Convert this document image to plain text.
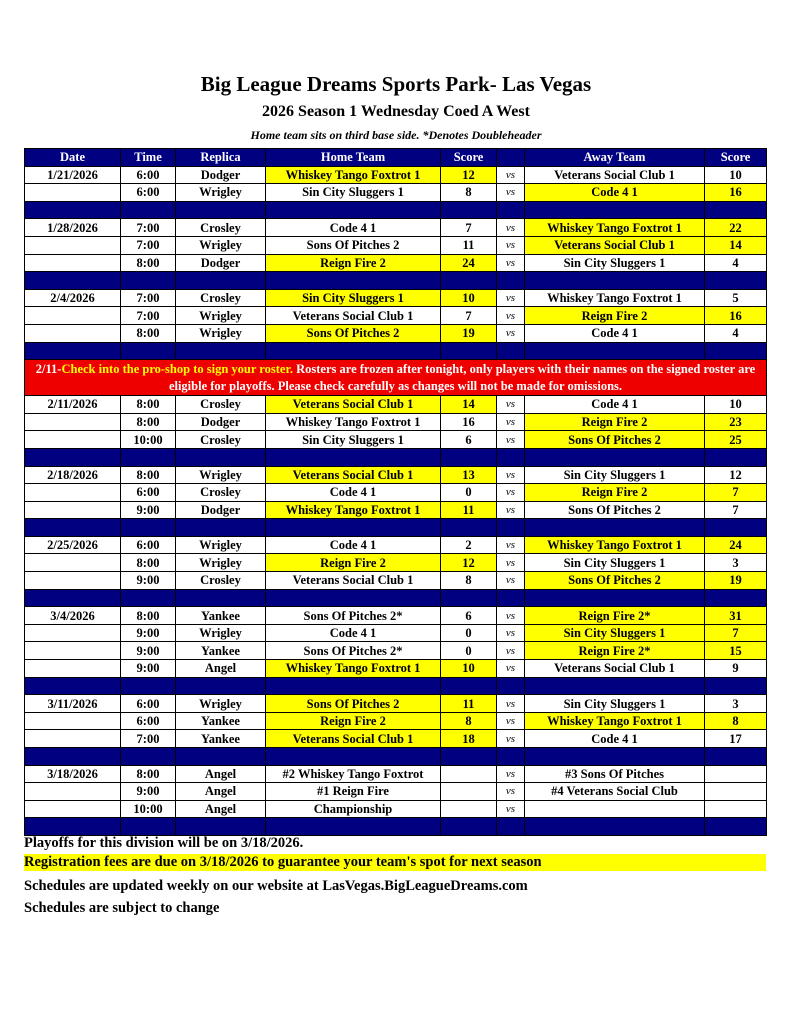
Big League Dreams Sports Park- Las Vegas
2026 Season 1 Wednesday Coed A West
Home team sits on third base side. *Denotes Doubleheader
Date	Time	Replica	Home Team	Score		Away Team	Score
1/21/2026	6:00	Dodger	Whiskey Tango Foxtrot 1	12	vs	Veterans Social Club 1	10
	6:00	Wrigley	Sin City Sluggers 1	8	vs	Code 4 1	16

1/28/2026	7:00	Crosley	Code 4 1	7	vs	Whiskey Tango Foxtrot 1	22
	7:00	Wrigley	Sons Of Pitches 2	11	vs	Veterans Social Club 1	14
	8:00	Dodger	Reign Fire 2	24	vs	Sin City Sluggers 1	4

2/4/2026	7:00	Crosley	Sin City Sluggers 1	10	vs	Whiskey Tango Foxtrot 1	5
	7:00	Wrigley	Veterans Social Club 1	7	vs	Reign Fire 2	16
	8:00	Wrigley	Sons Of Pitches 2	19	vs	Code 4 1	4

2/11-Check into the pro-shop to sign your roster. Rosters are frozen after tonight, only players with their names on the signed roster are eligible for playoffs. Please check carefully as changes will not be made for omissions.							
2/11/2026	8:00	Crosley	Veterans Social Club 1	14	vs	Code 4 1	10
	8:00	Dodger	Whiskey Tango Foxtrot 1	16	vs	Reign Fire 2	23
	10:00	Crosley	Sin City Sluggers 1	6	vs	Sons Of Pitches 2	25

2/18/2026	8:00	Wrigley	Veterans Social Club 1	13	vs	Sin City Sluggers 1	12
	6:00	Crosley	Code 4 1	0	vs	Reign Fire 2	7
	9:00	Dodger	Whiskey Tango Foxtrot 1	11	vs	Sons Of Pitches 2	7

2/25/2026	6:00	Wrigley	Code 4 1	2	vs	Whiskey Tango Foxtrot 1	24
	8:00	Wrigley	Reign Fire 2	12	vs	Sin City Sluggers 1	3
	9:00	Crosley	Veterans Social Club 1	8	vs	Sons Of Pitches 2	19

3/4/2026	8:00	Yankee	Sons Of Pitches 2*	6	vs	Reign Fire 2*	31
	9:00	Wrigley	Code 4 1	0	vs	Sin City Sluggers 1	7
	9:00	Yankee	Sons Of Pitches 2*	0	vs	Reign Fire 2*	15
	9:00	Angel	Whiskey Tango Foxtrot 1	10	vs	Veterans Social Club 1	9

3/11/2026	6:00	Wrigley	Sons Of Pitches 2	11	vs	Sin City Sluggers 1	3
	6:00	Yankee	Reign Fire 2	8	vs	Whiskey Tango Foxtrot 1	8
	7:00	Yankee	Veterans Social Club 1	18	vs	Code 4 1	17

3/18/2026	8:00	Angel	#2 Whiskey Tango Foxtrot		vs	#3 Sons Of Pitches	
	9:00	Angel	#1 Reign Fire		vs	#4 Veterans Social Club	
	10:00	Angel	Championship		vs		

Playoffs for this division will be on 3/18/2026.
Registration fees are due on 3/18/2026 to guarantee your team's spot for next season
Schedules are updated weekly on our website at LasVegas.BigLeagueDreams.com
Schedules are subject to change
